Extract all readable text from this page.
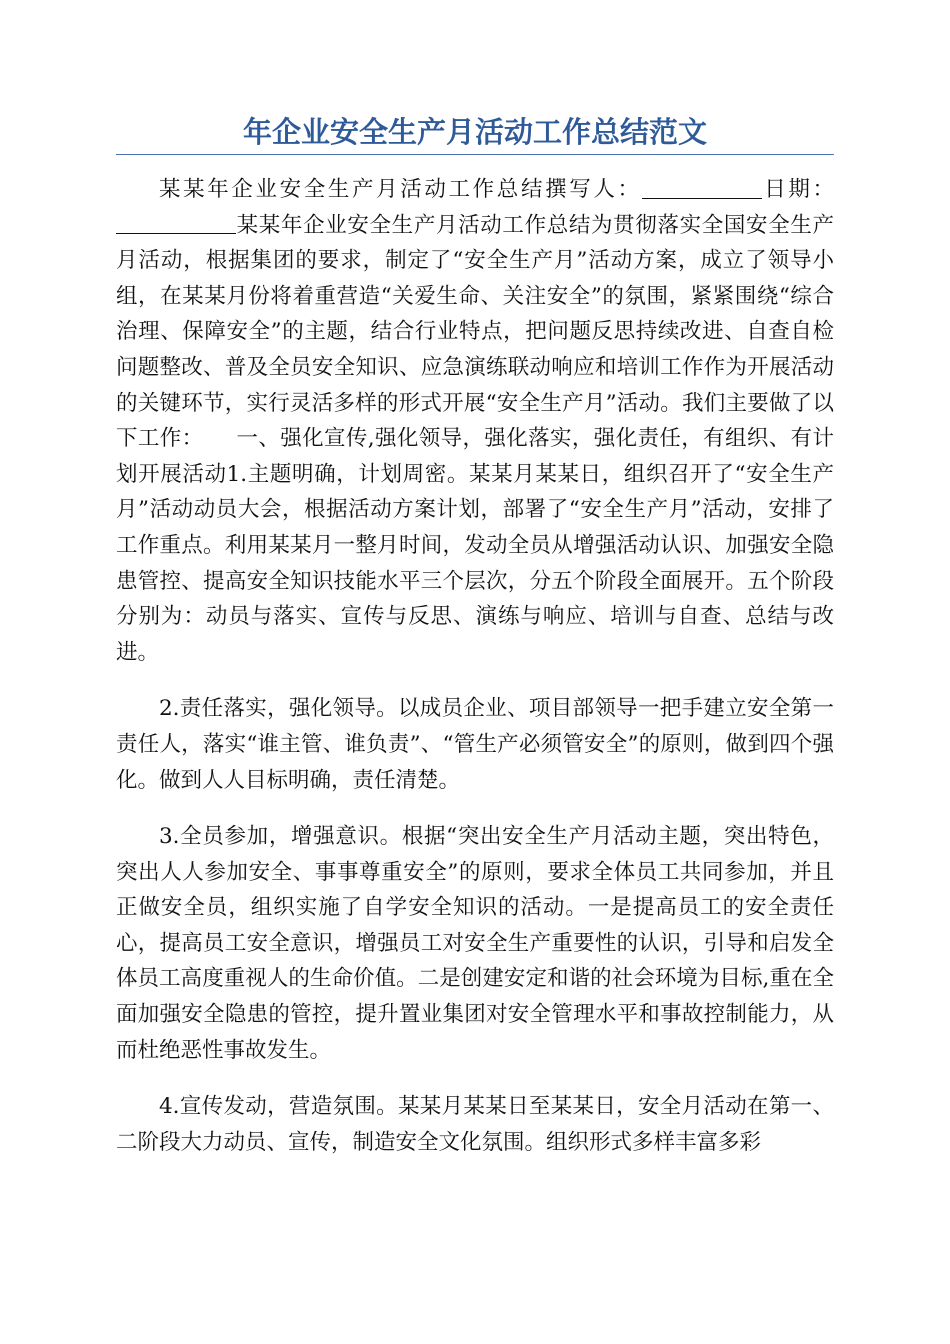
年企业安全生产月活动工作总结范文

某某年企业安全生产月活动工作总结撰写人：	日期：某某年企业安全生产月活动工作总结为贯彻落实全国安全生产月活动，根据集团的要求，制定了“安全生产月”活动方案，成立了领导小组，在某某月份将着重营造“关爱生命、关注安全”的氛围，紧紧围绕“综合治理、保障安全”的主题，结合行业特点，把问题反思持续改进、自查自检问题整改、普及全员安全知识、应急演练联动响应和培训工作作为开展活动的关键环节，实行灵活多样的形式开展“安全生产月”活动。我们主要做了以下工作：　　一、强化宣传,强化领导，强化落实，强化责任，有组织、有计划开展活动1.主题明确，计划周密。某某月某某日，组织召开了“安全生产月”活动动员大会，根据活动方案计划，部署了“安全生产月”活动，安排了工作重点。利用某某月一整月时间，发动全员从增强活动认识、加强安全隐患管控、提高安全知识技能水平三个层次，分五个阶段全面展开。五个阶段分别为：动员与落实、宣传与反思、演练与响应、培训与自查、总结与改进。

2.责任落实，强化领导。以成员企业、项目部领导一把手建立安全第一责任人，落实“谁主管、谁负责”、“管生产必须管安全”的原则，做到四个强化。做到人人目标明确，责任清楚。

3.全员参加，增强意识。根据“突出安全生产月活动主题，突出特色，突出人人参加安全、事事尊重安全”的原则，要求全体员工共同参加，并且正做安全员，组织实施了自学安全知识的活动。一是提高员工的安全责任心，提高员工安全意识，增强员工对安全生产重要性的认识，引导和启发全体员工高度重视人的生命价值。二是创建安定和谐的社会环境为目标,重在全面加强安全隐患的管控，提升置业集团对安全管理水平和事故控制能力，从而杜绝恶性事故发生。

4.宣传发动，营造氛围。某某月某某日至某某日，安全月活动在第一、二阶段大力动员、宣传，制造安全文化氛围。组织形式多样丰富多彩
